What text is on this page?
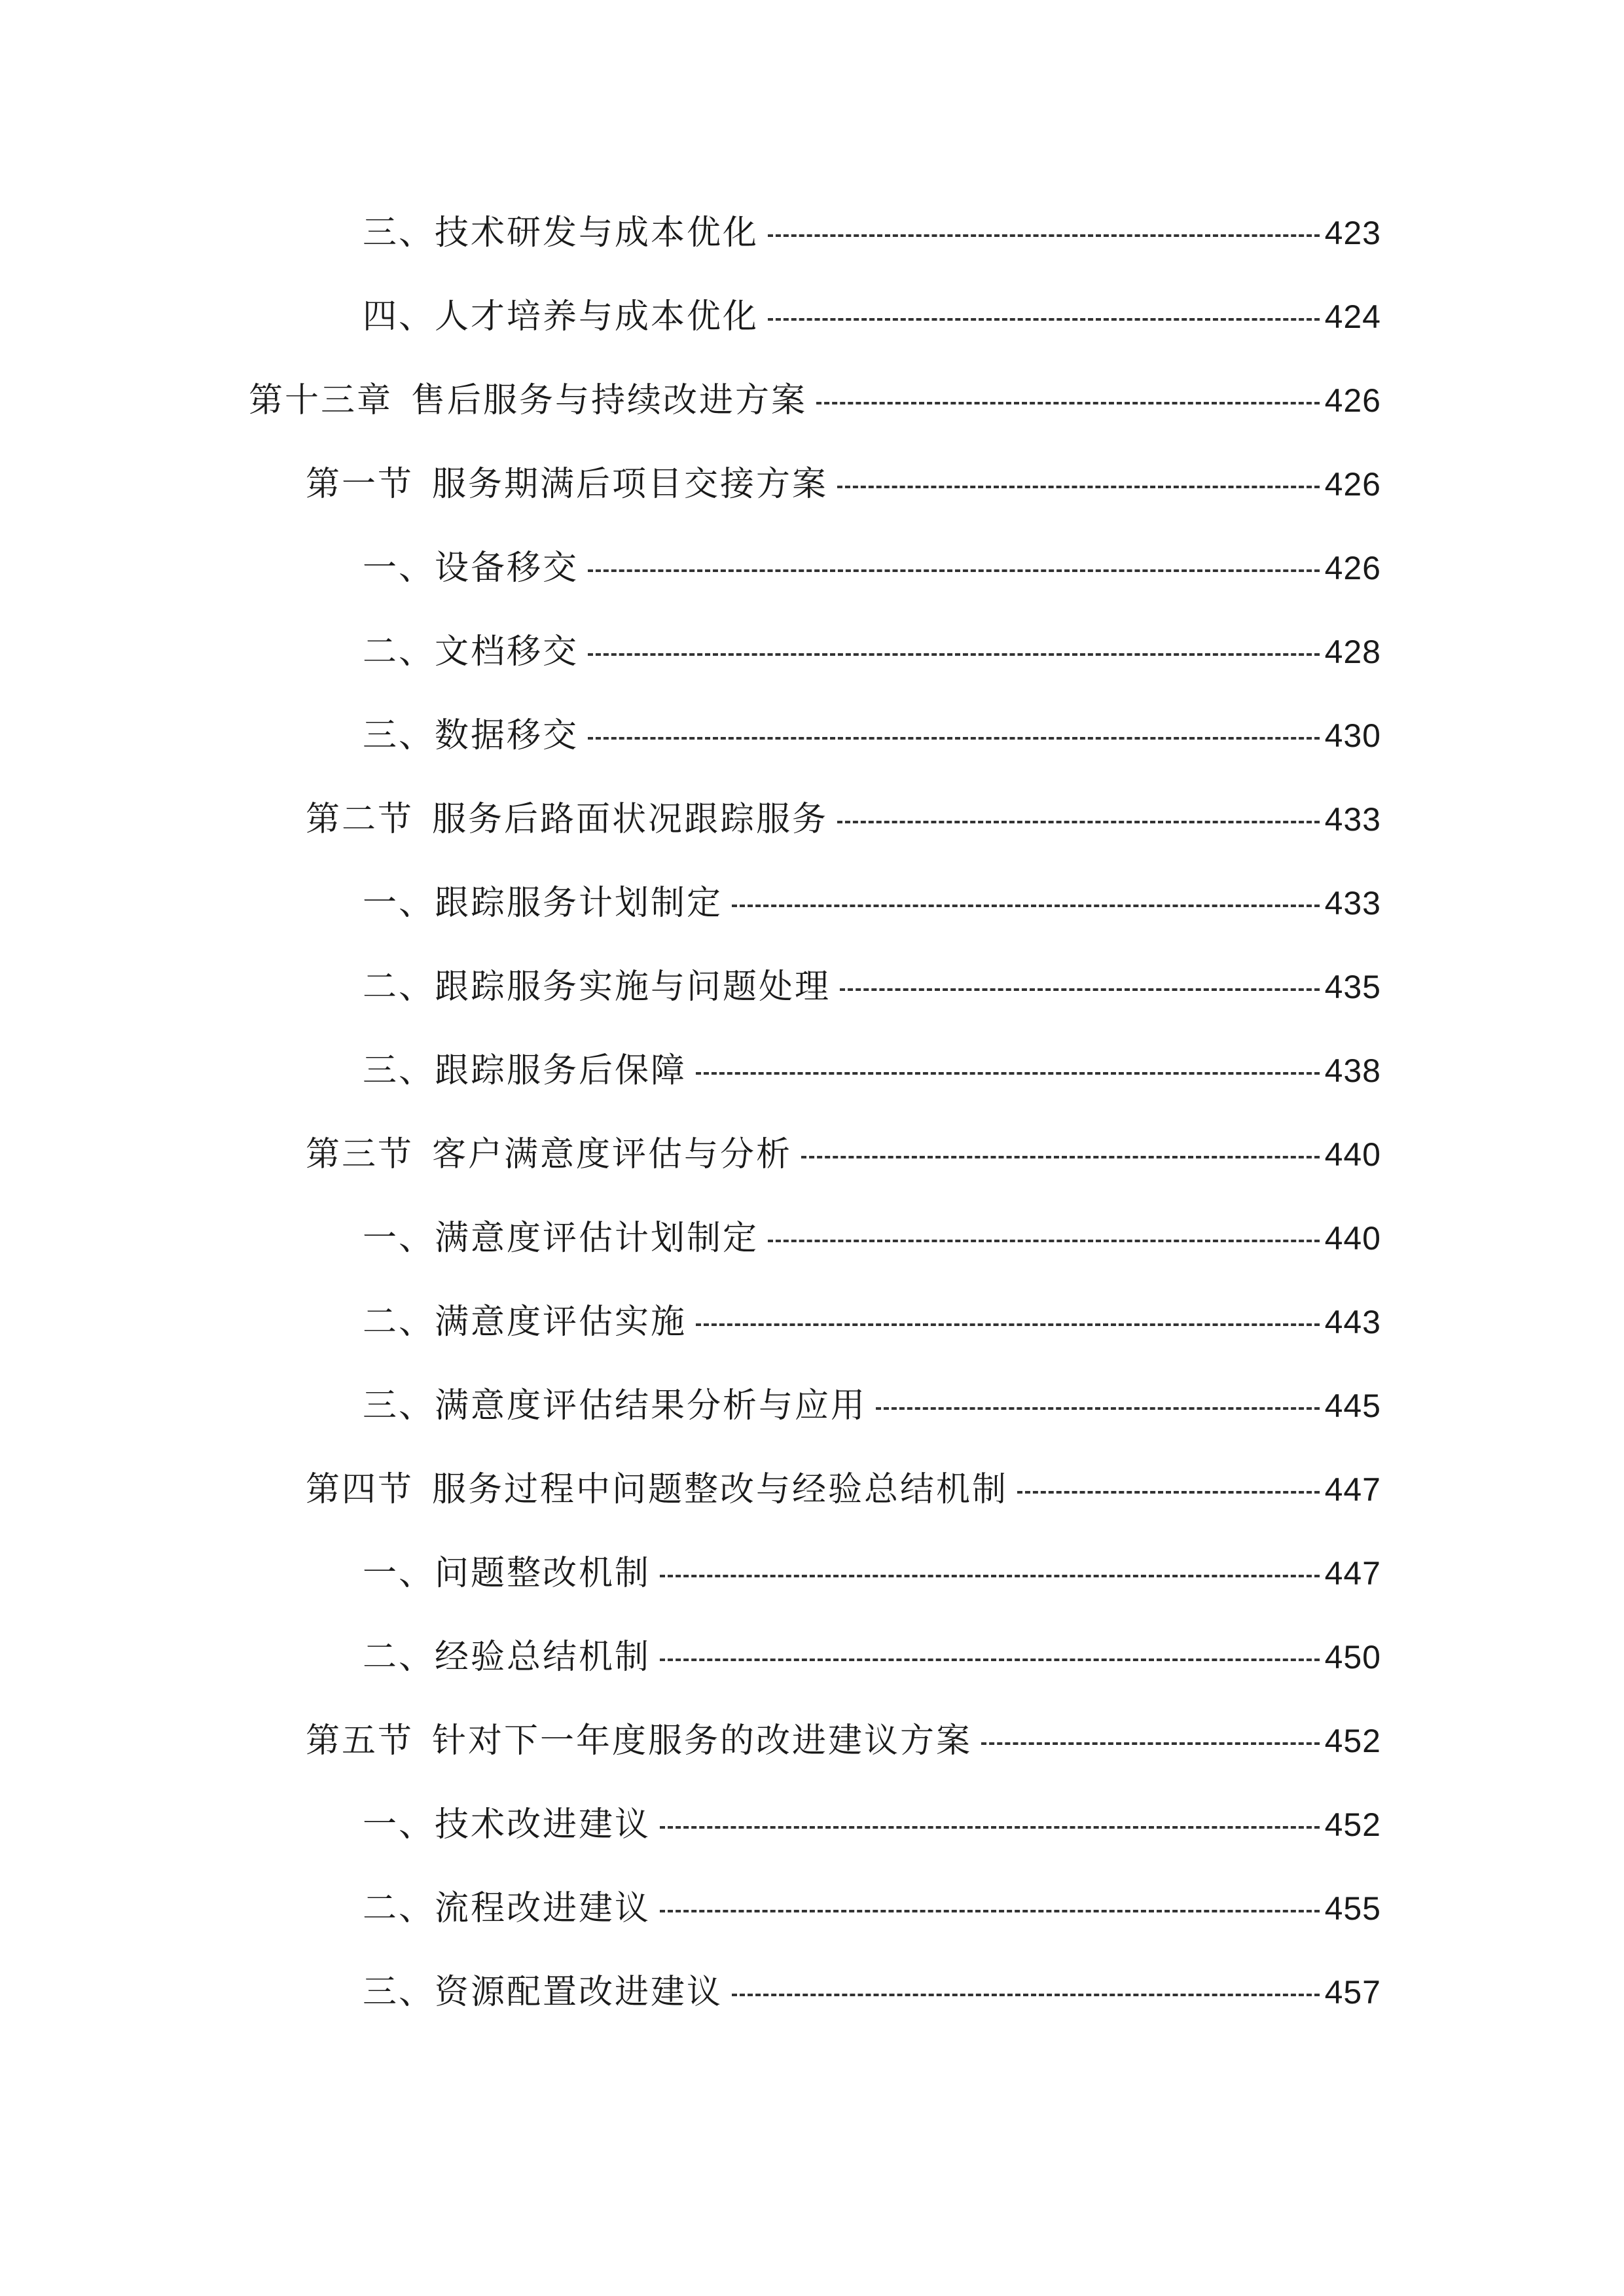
三、技术研发与成本优化	423
四、人才培养与成本优化	424
第十三章 售后服务与持续改进方案	426
第一节 服务期满后项目交接方案	426
一、设备移交	426
二、文档移交	428
三、数据移交	430
第二节 服务后路面状况跟踪服务	433
一、跟踪服务计划制定	433
二、跟踪服务实施与问题处理	435
三、跟踪服务后保障	438
第三节 客户满意度评估与分析	440
一、满意度评估计划制定	440
二、满意度评估实施	443
三、满意度评估结果分析与应用	445
第四节 服务过程中问题整改与经验总结机制	447
一、问题整改机制	447
二、经验总结机制	450
第五节 针对下一年度服务的改进建议方案	452
一、技术改进建议	452
二、流程改进建议	455
三、资源配置改进建议	457
